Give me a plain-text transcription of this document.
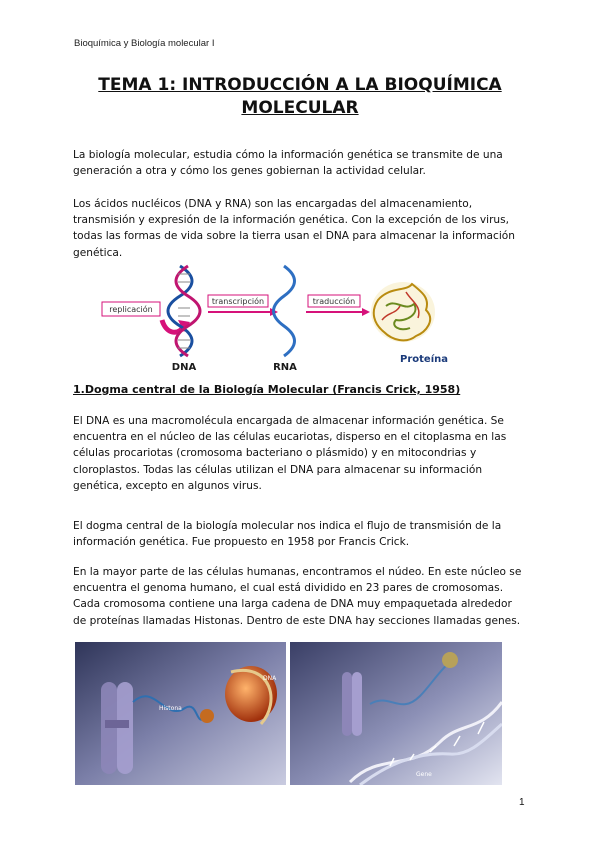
Bioquímica y Biología molecular I
TEMA 1: INTRODUCCIÓN A LA BIOQUÍMICA
MOLECULAR

La biología molecular, estudia cómo la información genética se transmite de una generación a otra y cómo los genes gobiernan la actividad celular.

Los ácidos nucléicos (DNA y RNA) son las encargadas del almacenamiento, transmisión y expresión de la información genética. Con la excepción de los virus, todas las formas de vida sobre la tierra usan el DNA para almacenar la información genética.

replicación
DNA
transcripción
RNA
traducción
Proteína
1.Dogma central de la Biología Molecular (Francis Crick, 1958)

El DNA es una macromolécula encargada de almacenar información genética. Se encuentra en el núcleo de las células eucariotas, disperso en el citoplasma en las células procariotas (cromosoma bacteriano o plásmido) y en mitocondrias y cloroplastos. Todas las células utilizan el DNA para almacenar su información genética, excepto en algunos virus.

El dogma central de la biología molecular nos indica el flujo de transmisión de la información genética. Fue propuesto en 1958 por Francis Crick.

En la mayor parte de las células humanas, encontramos el núdeo. En este núcleo se encuentra el genoma humano, el cual está dividido en 23 pares de cromosomas. Cada cromosoma contiene una larga cadena de DNA muy empaquetada alrededor de proteínas llamadas Histonas. Dentro de este DNA hay secciones llamadas genes.

Histona
DNA
Gene
1
